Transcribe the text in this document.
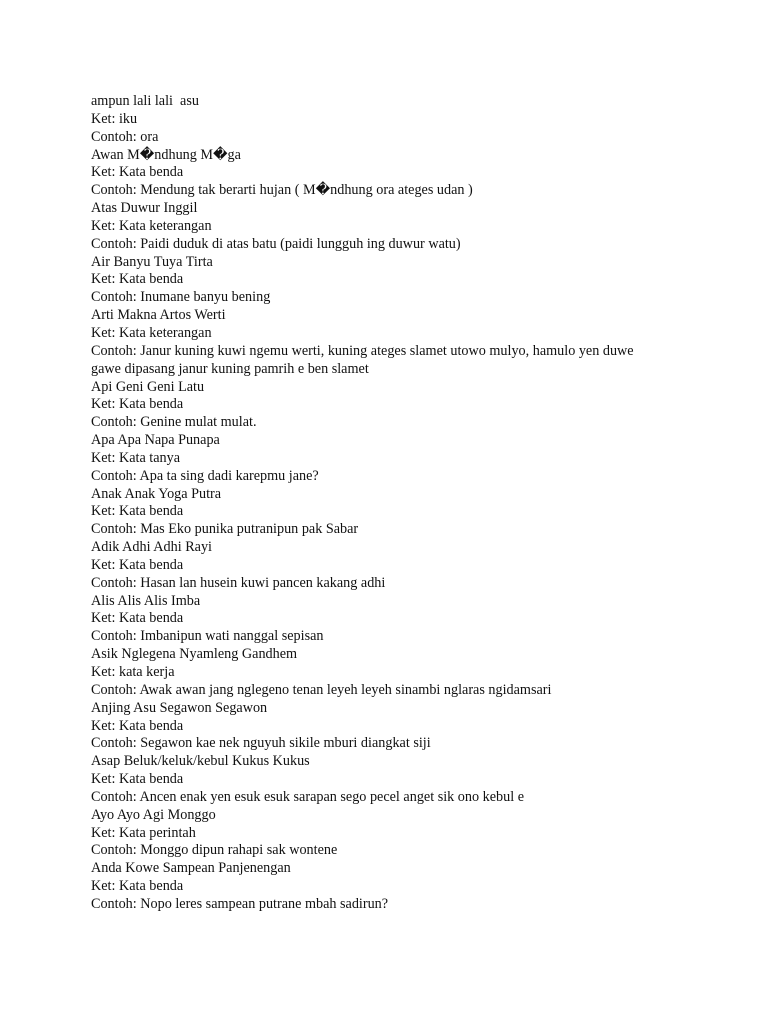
ampun lali lali  asu
Ket: iku
Contoh: ora
Awan M�ndhung M�ga
Ket: Kata benda
Contoh: Mendung tak berarti hujan ( M�ndhung ora ateges udan )
Atas Duwur Inggil
Ket: Kata keterangan
Contoh: Paidi duduk di atas batu (paidi lungguh ing duwur watu)
Air Banyu Tuya Tirta
Ket: Kata benda
Contoh: Inumane banyu bening
Arti Makna Artos Werti
Ket: Kata keterangan
Contoh: Janur kuning kuwi ngemu werti, kuning ateges slamet utowo mulyo, hamulo yen duwe
gawe dipasang janur kuning pamrih e ben slamet
Api Geni Geni Latu
Ket: Kata benda
Contoh: Genine mulat mulat.
Apa Apa Napa Punapa
Ket: Kata tanya
Contoh: Apa ta sing dadi karepmu jane?
Anak Anak Yoga Putra
Ket: Kata benda
Contoh: Mas Eko punika putranipun pak Sabar
Adik Adhi Adhi Rayi
Ket: Kata benda
Contoh: Hasan lan husein kuwi pancen kakang adhi
Alis Alis Alis Imba
Ket: Kata benda
Contoh: Imbanipun wati nanggal sepisan
Asik Nglegena Nyamleng Gandhem
Ket: kata kerja
Contoh: Awak awan jang nglegeno tenan leyeh leyeh sinambi nglaras ngidamsari
Anjing Asu Segawon Segawon
Ket: Kata benda
Contoh: Segawon kae nek nguyuh sikile mburi diangkat siji
Asap Beluk/keluk/kebul Kukus Kukus
Ket: Kata benda
Contoh: Ancen enak yen esuk esuk sarapan sego pecel anget sik ono kebul e
Ayo Ayo Agi Monggo
Ket: Kata perintah
Contoh: Monggo dipun rahapi sak wontene
Anda Kowe Sampean Panjenengan
Ket: Kata benda
Contoh: Nopo leres sampean putrane mbah sadirun?
